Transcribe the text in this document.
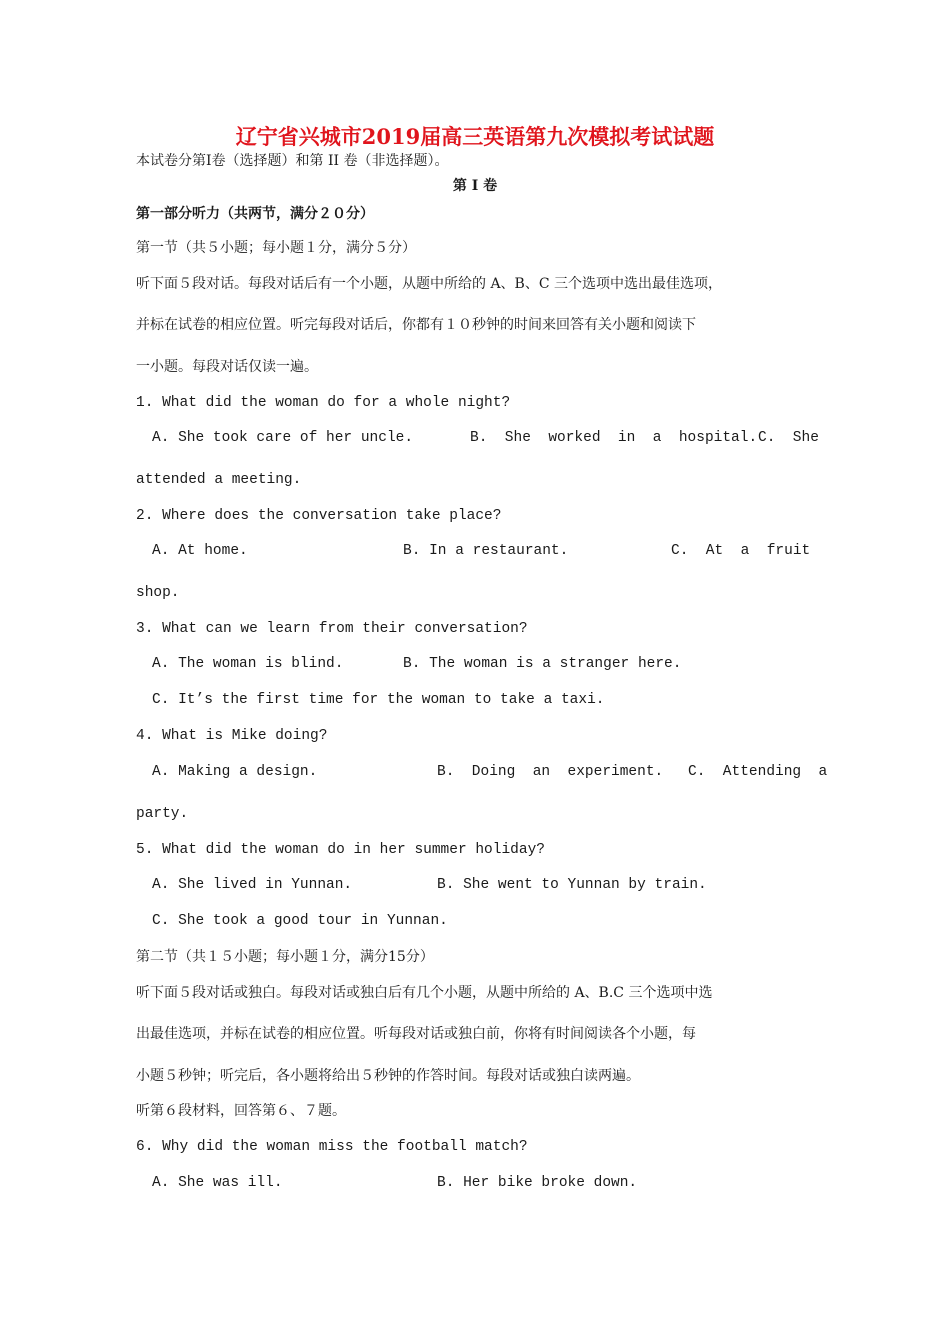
辽宁省兴城市2019届高三英语第九次模拟考试试题
本试卷分第Ⅰ卷（选择题）和第 II 卷（非选择题）。
第 I 卷
第一部分听力（共两节，满分２０分）
第一节（共５小题；每小题１分，满分５分）
听下面５段对话。每段对话后有一个小题，从题中所给的 A、B、C 三个选项中选出最佳选项，
并标在试卷的相应位置。听完每段对话后，你都有１０秒钟的时间来回答有关小题和阅读下
一小题。每段对话仅读一遍。
1. What did the woman do for a whole night?
A. She took care of her uncle.	B.  She  worked  in  a  hospital. C.  She
attended a meeting.
2. Where does the conversation take place?
A. At home.	B. In a restaurant.	C.  At  a  fruit
shop.
3. What can we learn from their conversation?
A. The woman is blind.	B. The woman is a stranger here.
C. It’s the first time for the woman to take a taxi.
4. What is Mike doing?
A. Making a design.	B.  Doing  an  experiment. C.  Attending  a
party.
5. What did the woman do in her summer holiday?
A. She lived in Yunnan.	B. She went to Yunnan by train.
C. She took a good tour in Yunnan.
第二节（共１５小题；每小题１分，满分15分）
听下面５段对话或独白。每段对话或独白后有几个小题，从题中所给的 A、B.C 三个选项中选
出最佳选项，并标在试卷的相应位置。听每段对话或独白前，你将有时间阅读各个小题，每
小题５秒钟；听完后，各小题将给出５秒钟的作答时间。每段对话或独白读两遍。
听第６段材料，回答第６、７题。
6. Why did the woman miss the football match?
A. She was ill.	B. Her bike broke down.
